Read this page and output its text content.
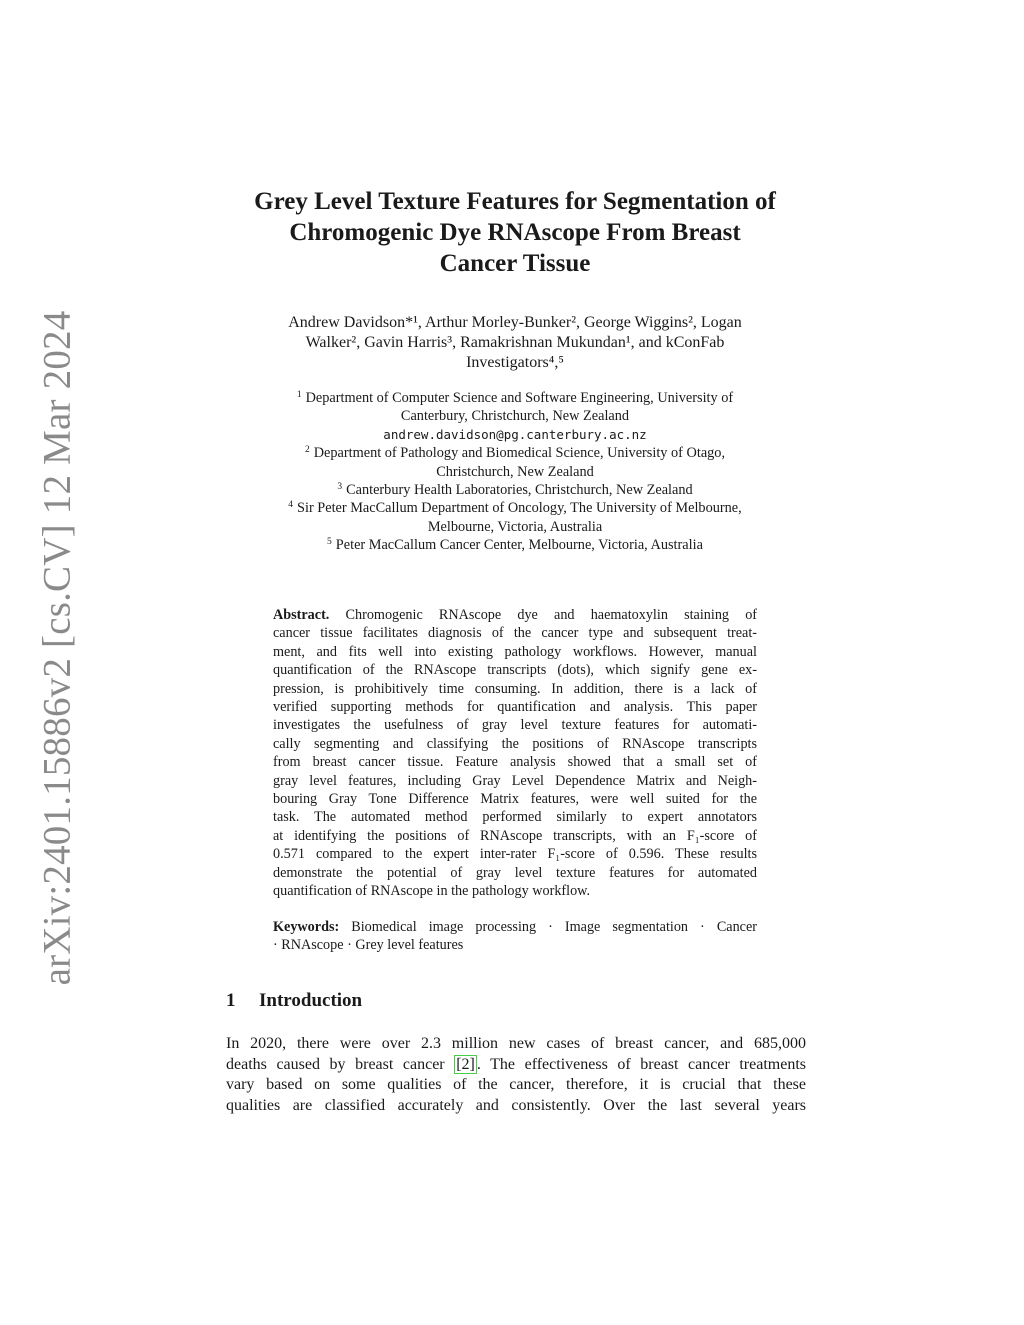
arXiv:2401.15886v2 [cs.CV] 12 Mar 2024
Grey Level Texture Features for Segmentation of
Chromogenic Dye RNAscope From Breast
Cancer Tissue

Andrew Davidson*¹, Arthur Morley-Bunker², George Wiggins², Logan
Walker², Gavin Harris³, Ramakrishnan Mukundan¹, and kConFab
Investigators⁴,⁵

$^1$ Department of Computer Science and Software Engineering, University of
Canterbury, Christchurch, New Zealand
andrew.davidson@pg.canterbury.ac.nz
$^2$ Department of Pathology and Biomedical Science, University of Otago,
Christchurch, New Zealand
$^3$ Canterbury Health Laboratories, Christchurch, New Zealand
$^4$ Sir Peter MacCallum Department of Oncology, The University of Melbourne,
Melbourne, Victoria, Australia
$^5$ Peter MacCallum Cancer Center, Melbourne, Victoria, Australia
Abstract. Chromogenic RNAscope dye and haematoxylin staining of
cancer tissue facilitates diagnosis of the cancer type and subsequent treat-
ment, and fits well into existing pathology workflows. However, manual
quantification of the RNAscope transcripts (dots), which signify gene ex-
pression, is prohibitively time consuming. In addition, there is a lack of
verified supporting methods for quantification and analysis. This paper
investigates the usefulness of gray level texture features for automati-
cally segmenting and classifying the positions of RNAscope transcripts
from breast cancer tissue. Feature analysis showed that a small set of
gray level features, including Gray Level Dependence Matrix and Neigh-
bouring Gray Tone Difference Matrix features, were well suited for the
task. The automated method performed similarly to expert annotators
at identifying the positions of RNAscope transcripts, with an F₁-score of
0.571 compared to the expert inter-rater F₁-score of 0.596. These results
demonstrate the potential of gray level texture features for automated
quantification of RNAscope in the pathology workflow.
Keywords: Biomedical image processing · Image segmentation · Cancer
· RNAscope · Grey level features
1 Introduction
In 2020, there were over 2.3 million new cases of breast cancer, and 685,000
deaths caused by breast cancer [2] . The effectiveness of breast cancer treatments
vary based on some qualities of the cancer, therefore, it is crucial that these
qualities are classified accurately and consistently. Over the last several years
